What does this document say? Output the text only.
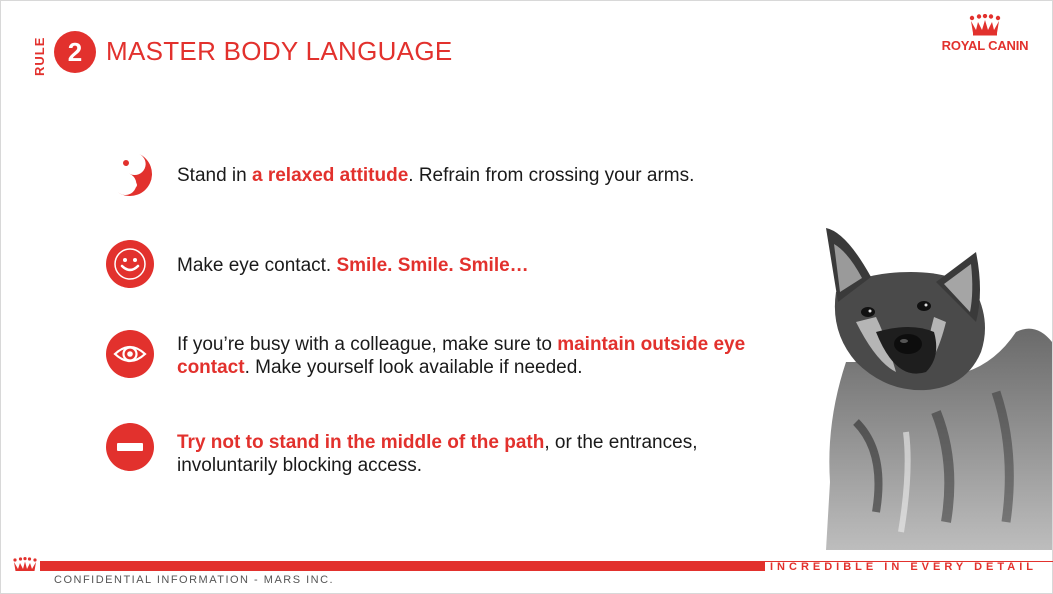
RULE 2 MASTER BODY LANGUAGE	ROYAL CANIN
Stand in a relaxed attitude. Refrain from crossing your arms.
Make eye contact. Smile. Smile. Smile…
If you’re busy with a colleague, make sure to maintain outside eye contact. Make yourself look available if needed.
Try not to stand in the middle of the path, or the entrances, involuntarily blocking access.
CONFIDENTIAL INFORMATION - MARS INC.
INCREDIBLE IN EVERY DETAIL
